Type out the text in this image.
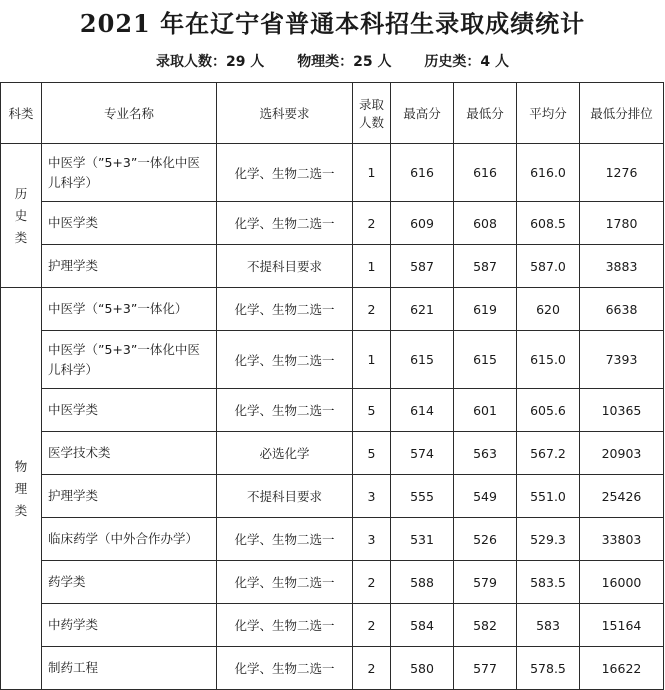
2021 年在辽宁省普通本科招生录取成绩统计
录取人数：29 人 物理类：25 人 历史类：4 人
科类	专业名称	选科要求	录取人数	最高分	最低分	平均分	最低分排位
历史类	中医学（”5+3”一体化中医儿科学）	化学、生物二选一	1	616	616	616.0	1276
	中医学类	化学、生物二选一	2	609	608	608.5	1780
	护理学类	不提科目要求	1	587	587	587.0	3883
物理类	中医学（“5+3”一体化）	化学、生物二选一	2	621	619	620	6638
	中医学（”5+3”一体化中医儿科学）	化学、生物二选一	1	615	615	615.0	7393
	中医学类	化学、生物二选一	5	614	601	605.6	10365
	医学技术类	必选化学	5	574	563	567.2	20903
	护理学类	不提科目要求	3	555	549	551.0	25426
	临床药学（中外合作办学）	化学、生物二选一	3	531	526	529.3	33803
	药学类	化学、生物二选一	2	588	579	583.5	16000
	中药学类	化学、生物二选一	2	584	582	583	15164
	制药工程	化学、生物二选一	2	580	577	578.5	16622
